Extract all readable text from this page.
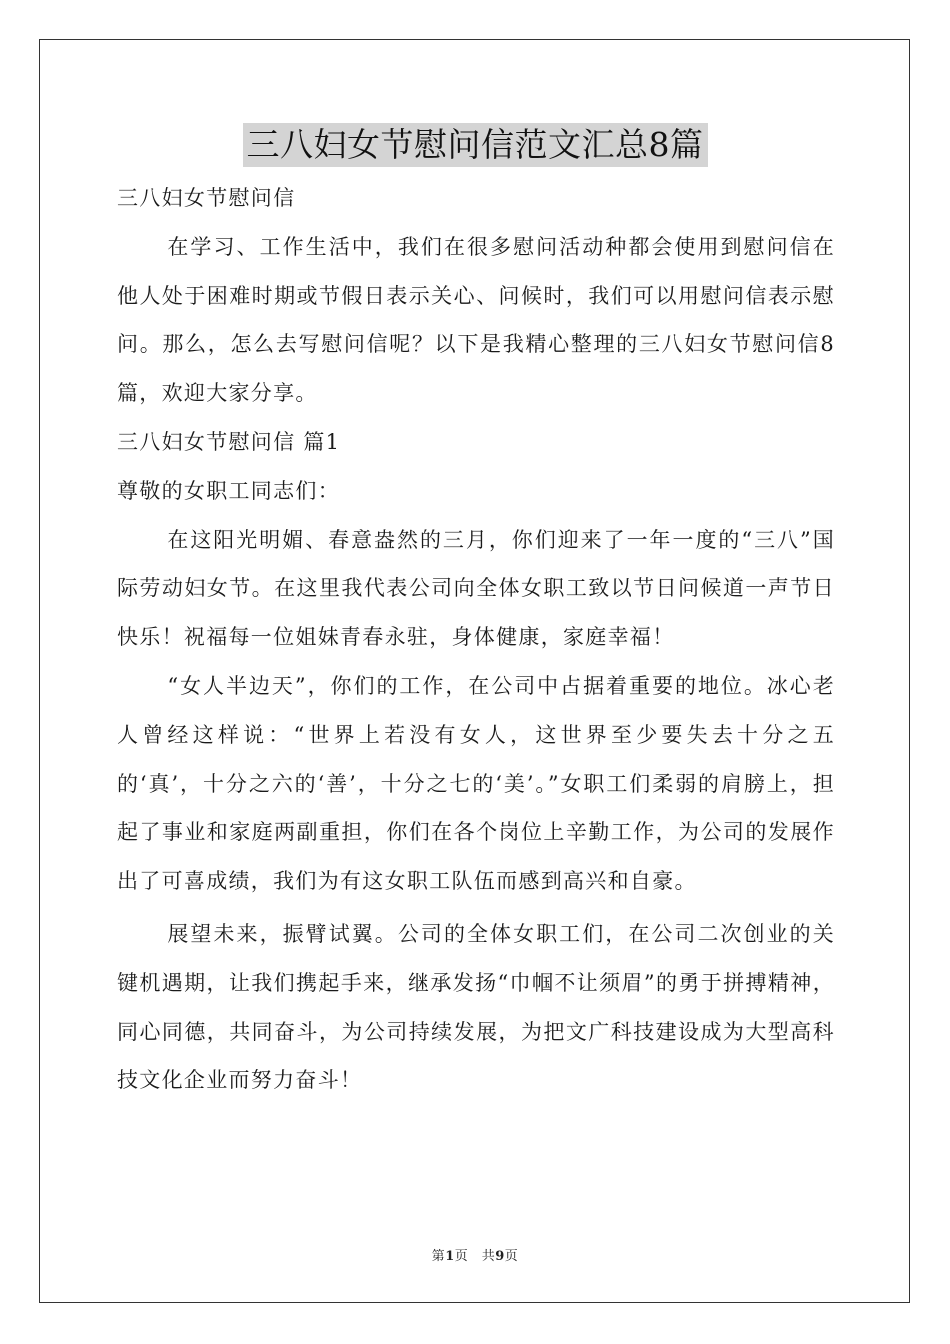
三八妇女节慰问信范文汇总8篇

三八妇女节慰问信

在学习、工作生活中，我们在很多慰问活动种都会使用到慰问信在他人处于困难时期或节假日表示关心、问候时，我们可以用慰问信表示慰问。那么，怎么去写慰问信呢？以下是我精心整理的三八妇女节慰问信8篇，欢迎大家分享。

三八妇女节慰问信 篇1

尊敬的女职工同志们：

在这阳光明媚、春意盎然的三月，你们迎来了一年一度的“三八”国际劳动妇女节。在这里我代表公司向全体女职工致以节日问候道一声节日快乐！祝福每一位姐妹青春永驻，身体健康，家庭幸福！

“女人半边天”，你们的工作，在公司中占据着重要的地位。冰心老人曾经这样说：“世界上若没有女人，这世界至少要失去十分之五的‘真’，十分之六的‘善’，十分之七的‘美’。”女职工们柔弱的肩膀上，担起了事业和家庭两副重担，你们在各个岗位上辛勤工作，为公司的发展作出了可喜成绩，我们为有这女职工队伍而感到高兴和自豪。

展望未来，振臂试翼。公司的全体女职工们，在公司二次创业的关键机遇期，让我们携起手来，继承发扬“巾帼不让须眉”的勇于拼搏精神，同心同德，共同奋斗，为公司持续发展，为把文广科技建设成为大型高科技文化企业而努力奋斗！

第1页　共9页
